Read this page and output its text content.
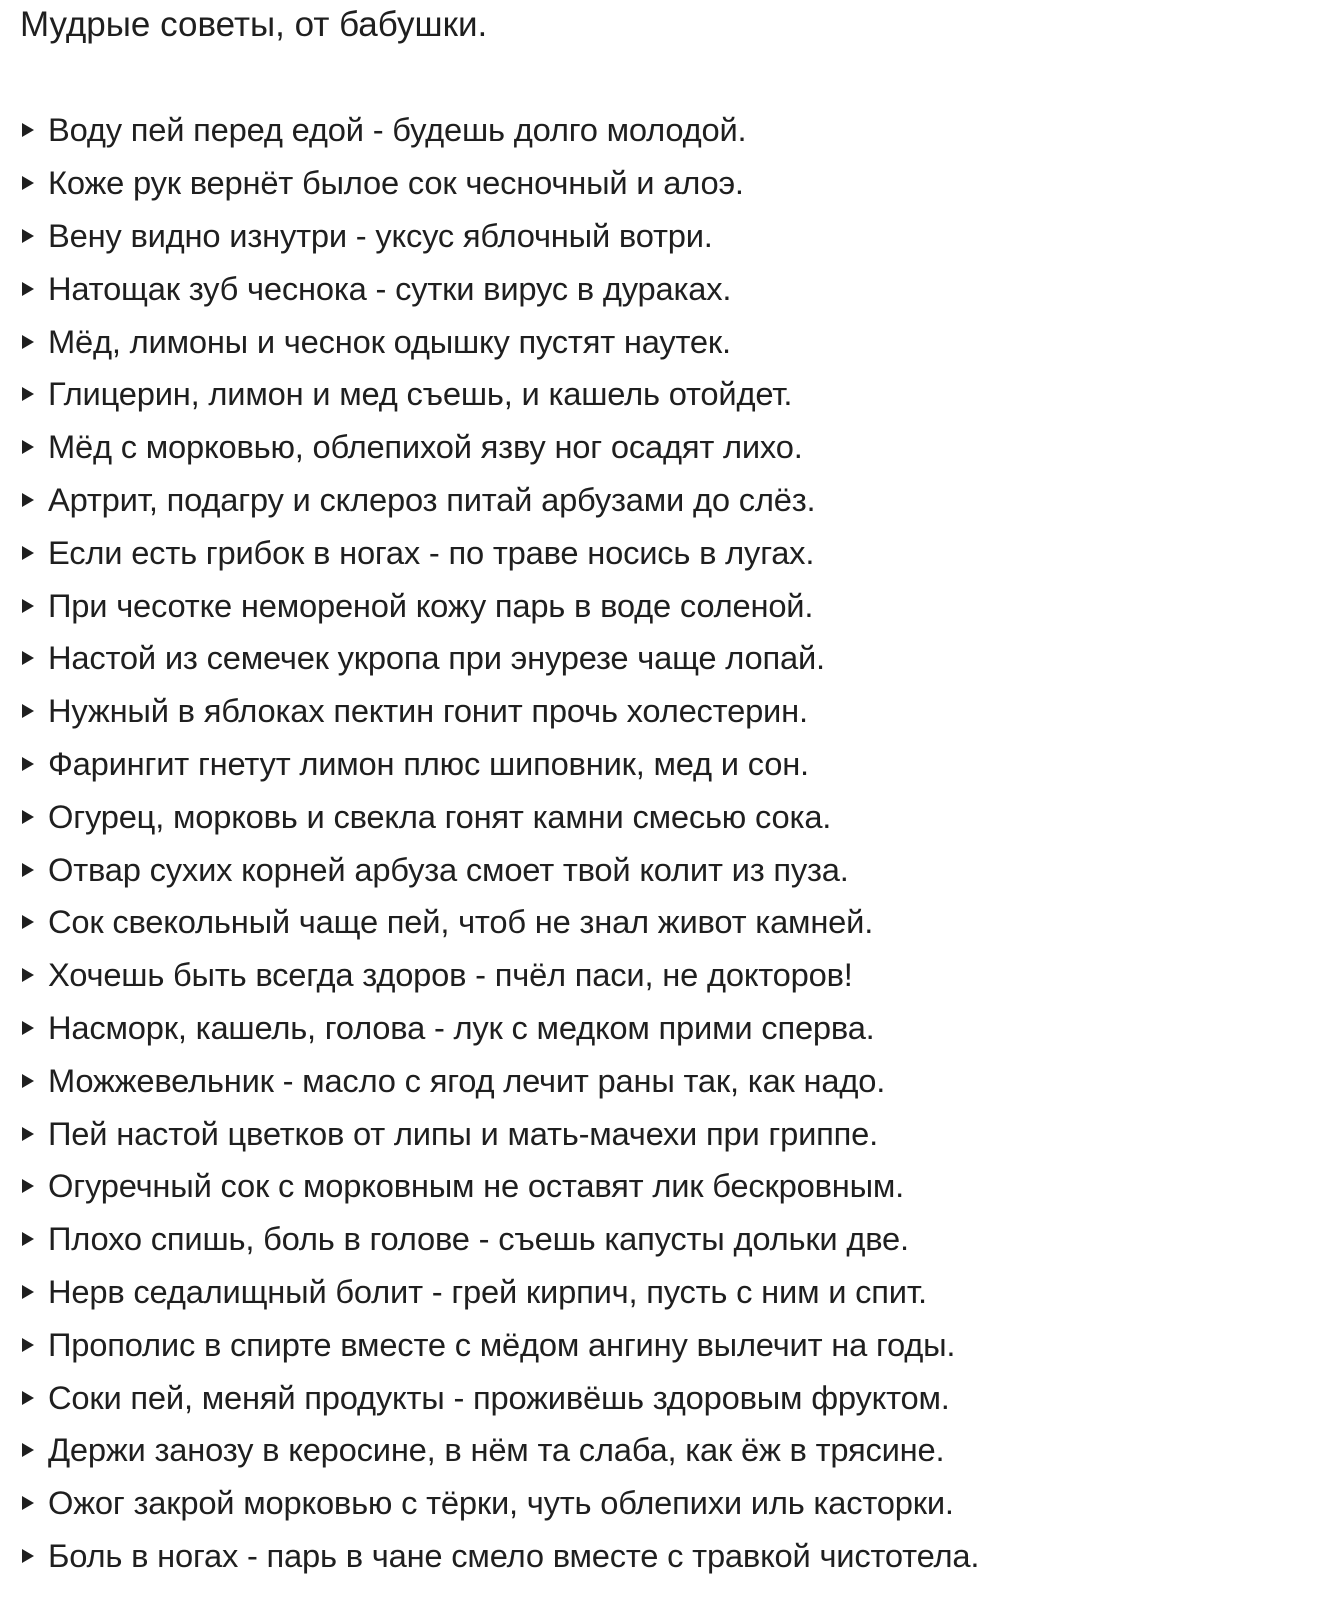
Мудрые советы, от бабушки.
Воду пей перед едой - будешь долго молодой.
Коже рук вернёт былое сок чесночный и алоэ.
Вену видно изнутри - уксус яблочный вотри.
Натощак зуб чеснока - сутки вирус в дураках.
Мёд, лимоны и чеснок одышку пустят наутек.
Глицерин, лимон и мед съешь, и кашель отойдет.
Мёд с морковью, облепихой язву ног осадят лихо.
Артрит, подагру и склероз питай арбузами до слёз.
Если есть грибок в ногах - по траве носись в лугах.
При чесотке немореной кожу парь в воде соленой.
Настой из семечек укропа при энурезе чаще лопай.
Нужный в яблоках пектин гонит прочь холестерин.
Фарингит гнетут лимон плюс шиповник, мед и сон.
Огурец, морковь и свекла гонят камни смесью сока.
Отвар сухих корней арбуза смоет твой колит из пуза.
Сок свекольный чаще пей, чтоб не знал живот камней.
Хочешь быть всегда здоров - пчёл паси, не докторов!
Насморк, кашель, голова - лук с медком прими сперва.
Можжевельник - масло с ягод лечит раны так, как надо.
Пей настой цветков от липы и мать-мачехи при гриппе.
Огуречный сок с морковным не оставят лик бескровным.
Плохо спишь, боль в голове - съешь капусты дольки две.
Нерв седалищный болит - грей кирпич, пусть с ним и спит.
Прополис в спирте вместе с мёдом ангину вылечит на годы.
Соки пей, меняй продукты - проживёшь здоровым фруктом.
Держи занозу в керосине, в нём та слаба, как ёж в трясине.
Ожог закрой морковью с тёрки, чуть облепихи иль касторки.
Боль в ногах - парь в чане смело вместе с травкой чистотела.
